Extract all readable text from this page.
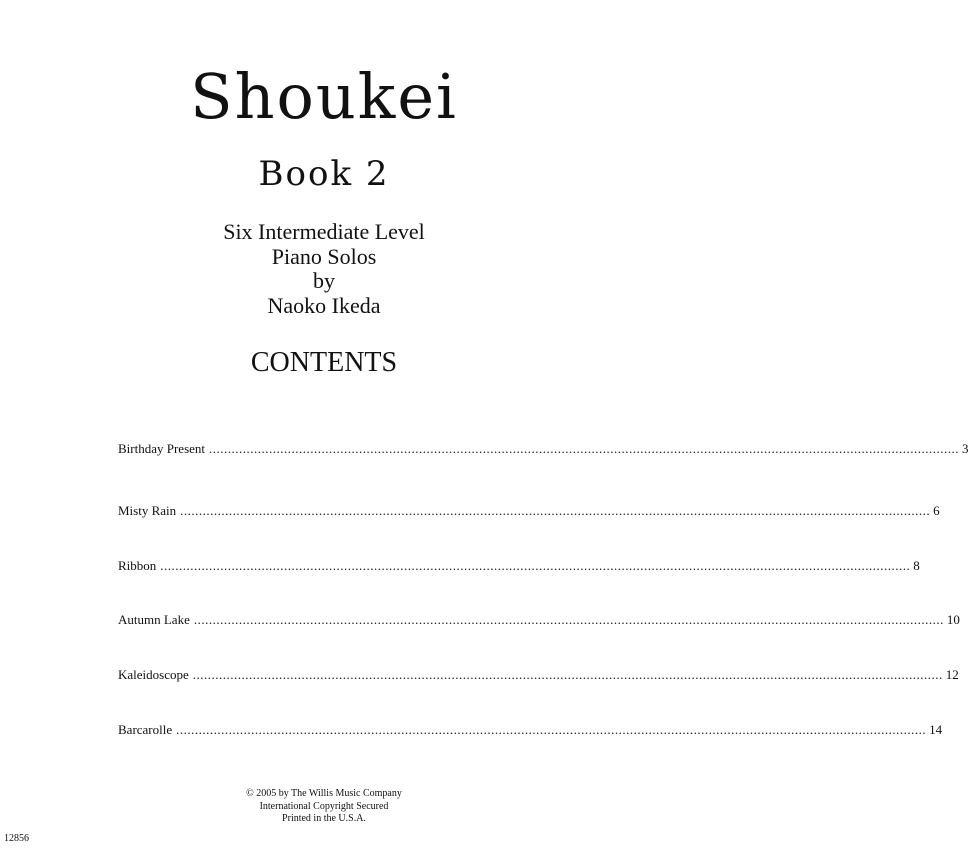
Shoukei
Book 2
Six Intermediate Level
Piano Solos
by
Naoko Ikeda
CONTENTS
Birthday Present ........................................................................................................................................................................................................ 3
Misty Rain ........................................................................................................................................................................................................ 6
Ribbon ........................................................................................................................................................................................................ 8
Autumn Lake ........................................................................................................................................................................................................ 10
Kaleidoscope ........................................................................................................................................................................................................ 12
Barcarolle ........................................................................................................................................................................................................ 14
© 2005 by The Willis Music Company
International Copyright Secured
Printed in the U.S.A.
12856
